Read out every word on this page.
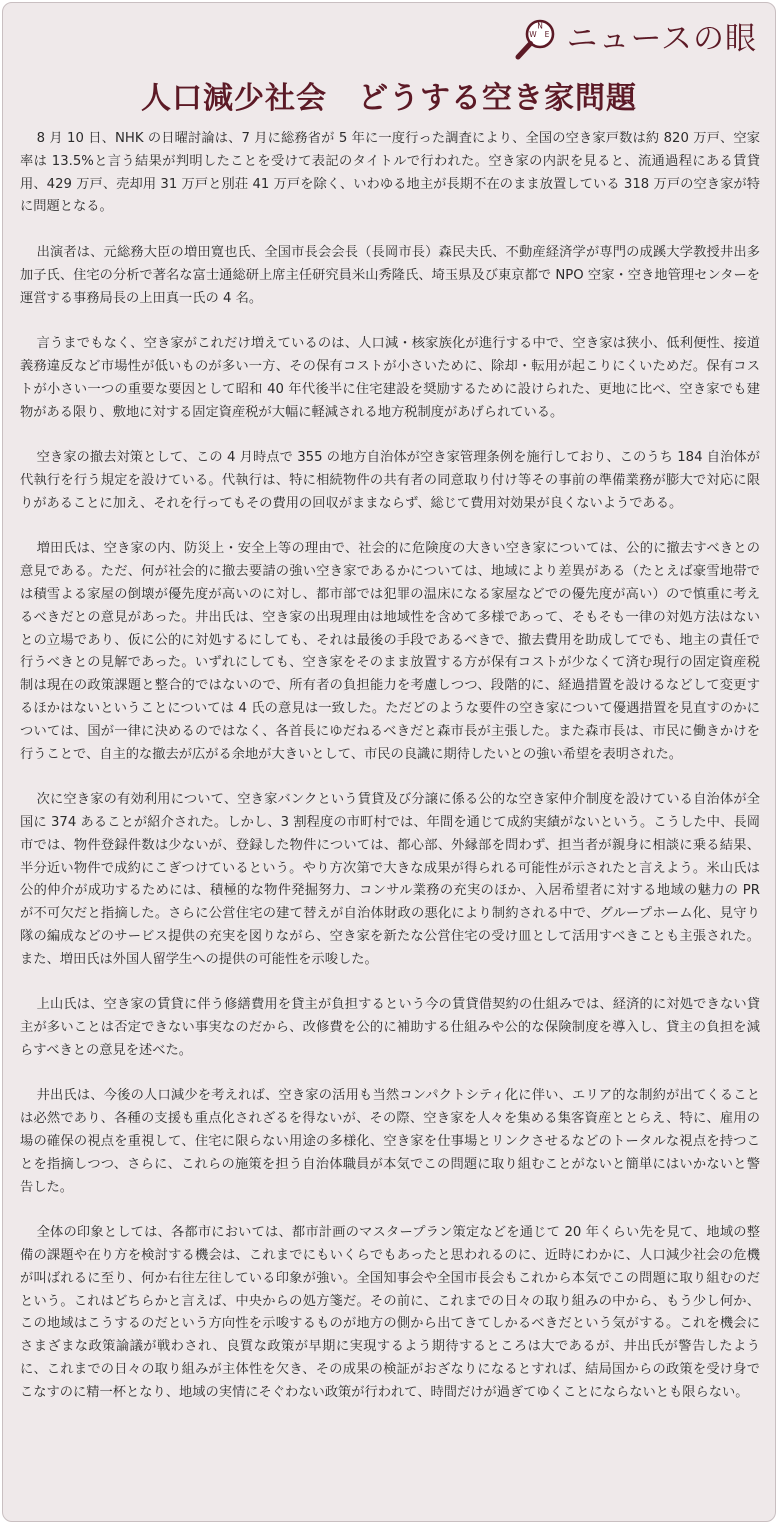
N
W E ニュースの眼
人口減少社会　どうする空き家問題

8 月 10 日、NHK の日曜討論は、7 月に総務省が 5 年に一度行った調査により、全国の空き家戸数は約 820 万戸、空家率は 13.5%と言う結果が判明したことを受けて表記のタイトルで行われた。空き家の内訳を見ると、流通過程にある賃貸用、429 万戸、売却用 31 万戸と別荘 41 万戸を除く、いわゆる地主が長期不在のまま放置している 318 万戸の空き家が特に問題となる。

出演者は、元総務大臣の増田寛也氏、全国市長会会長（長岡市長）森民夫氏、不動産経済学が専門の成蹊大学教授井出多加子氏、住宅の分析で著名な富士通総研上席主任研究員米山秀隆氏、埼玉県及び東京都で NPO 空家・空き地管理センターを運営する事務局長の上田真一氏の 4 名。

言うまでもなく、空き家がこれだけ増えているのは、人口減・核家族化が進行する中で、空き家は狭小、低利便性、接道義務違反など市場性が低いものが多い一方、その保有コストが小さいために、除却・転用が起こりにくいためだ。保有コストが小さい一つの重要な要因として昭和 40 年代後半に住宅建設を奨励するために設けられた、更地に比べ、空き家でも建物がある限り、敷地に対する固定資産税が大幅に軽減される地方税制度があげられている。

空き家の撤去対策として、この 4 月時点で 355 の地方自治体が空き家管理条例を施行しており、このうち 184 自治体が代執行を行う規定を設けている。代執行は、特に相続物件の共有者の同意取り付け等その事前の準備業務が膨大で対応に限りがあることに加え、それを行ってもその費用の回収がままならず、総じて費用対効果が良くないようである。

増田氏は、空き家の内、防災上・安全上等の理由で、社会的に危険度の大きい空き家については、公的に撤去すべきとの意見である。ただ、何が社会的に撤去要請の強い空き家であるかについては、地域により差異がある（たとえば豪雪地帯では積雪よる家屋の倒壊が優先度が高いのに対し、都市部では犯罪の温床になる家屋などでの優先度が高い）ので慎重に考えるべきだとの意見があった。井出氏は、空き家の出現理由は地域性を含めて多様であって、そもそも一律の対処方法はないとの立場であり、仮に公的に対処するにしても、それは最後の手段であるべきで、撤去費用を助成してでも、地主の責任で行うべきとの見解であった。いずれにしても、空き家をそのまま放置する方が保有コストが少なくて済む現行の固定資産税制は現在の政策課題と整合的ではないので、所有者の負担能力を考慮しつつ、段階的に、経過措置を設けるなどして変更するほかはないということについては 4 氏の意見は一致した。ただどのような要件の空き家について優遇措置を見直すのかについては、国が一律に決めるのではなく、各首長にゆだねるべきだと森市長が主張した。また森市長は、市民に働きかけを行うことで、自主的な撤去が広がる余地が大きいとして、市民の良識に期待したいとの強い希望を表明された。

次に空き家の有効利用について、空き家バンクという賃貸及び分譲に係る公的な空き家仲介制度を設けている自治体が全国に 374 あることが紹介された。しかし、3 割程度の市町村では、年間を通じて成約実績がないという。こうした中、長岡市では、物件登録件数は少ないが、登録した物件については、都心部、外縁部を問わず、担当者が親身に相談に乗る結果、半分近い物件で成約にこぎつけているという。やり方次第で大きな成果が得られる可能性が示されたと言えよう。米山氏は公的仲介が成功するためには、積極的な物件発掘努力、コンサル業務の充実のほか、入居希望者に対する地域の魅力の PR が不可欠だと指摘した。さらに公営住宅の建て替えが自治体財政の悪化により制約される中で、グループホーム化、見守り隊の編成などのサービス提供の充実を図りながら、空き家を新たな公営住宅の受け皿として活用すべきことも主張された。また、増田氏は外国人留学生への提供の可能性を示唆した。

上山氏は、空き家の賃貸に伴う修繕費用を貸主が負担するという今の賃貸借契約の仕組みでは、経済的に対処できない貸主が多いことは否定できない事実なのだから、改修費を公的に補助する仕組みや公的な保険制度を導入し、貸主の負担を減らすべきとの意見を述べた。

井出氏は、今後の人口減少を考えれば、空き家の活用も当然コンパクトシティ化に伴い、エリア的な制約が出てくることは必然であり、各種の支援も重点化されざるを得ないが、その際、空き家を人々を集める集客資産ととらえ、特に、雇用の場の確保の視点を重視して、住宅に限らない用途の多様化、空き家を仕事場とリンクさせるなどのトータルな視点を持つことを指摘しつつ、さらに、これらの施策を担う自治体職員が本気でこの問題に取り組むことがないと簡単にはいかないと警告した。

全体の印象としては、各都市においては、都市計画のマスタープラン策定などを通じて 20 年くらい先を見て、地域の整備の課題や在り方を検討する機会は、これまでにもいくらでもあったと思われるのに、近時にわかに、人口減少社会の危機が叫ばれるに至り、何か右往左往している印象が強い。全国知事会や全国市長会もこれから本気でこの問題に取り組むのだという。これはどちらかと言えば、中央からの処方箋だ。その前に、これまでの日々の取り組みの中から、もう少し何か、この地域はこうするのだという方向性を示唆するものが地方の側から出てきてしかるべきだという気がする。これを機会にさまざまな政策論議が戦わされ、良質な政策が早期に実現するよう期待するところは大であるが、井出氏が警告したように、これまでの日々の取り組みが主体性を欠き、その成果の検証がおざなりになるとすれば、結局国からの政策を受け身でこなすのに精一杯となり、地域の実情にそぐわない政策が行われて、時間だけが過ぎてゆくことにならないとも限らない。
